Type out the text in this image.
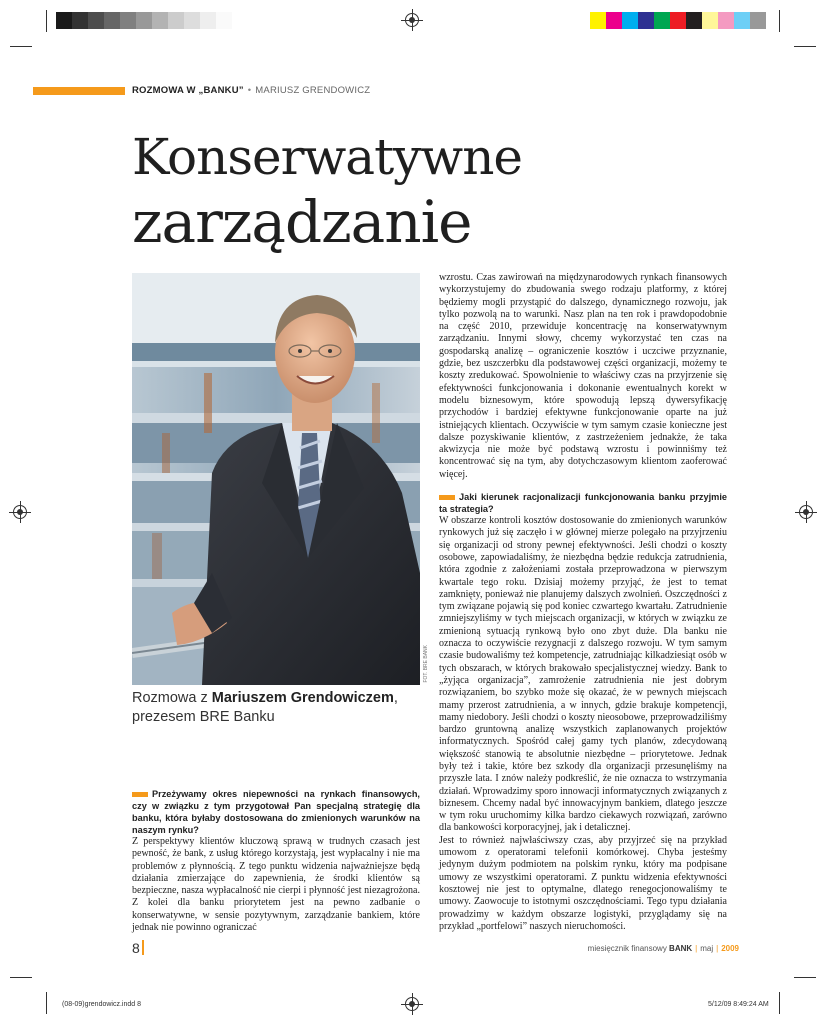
ROZMOWA W „BANKU” • MARIUSZ GRENDOWICZ
Konserwatywne
zarządzanie
FOT. BRE BANK
Rozmowa z Mariuszem Grendowiczem,
prezesem BRE Banku

Przeżywamy okres niepewności na rynkach finansowych, czy w związku z tym przygotował Pan specjalną strategię dla banku, która byłaby dostosowana do zmienionych warunków na naszym rynku?

Z perspektywy klientów kluczową sprawą w trudnych czasach jest pewność, że bank, z usług którego korzystają, jest wypłacalny i nie ma problemów z płynnością. Z tego punktu widzenia najważniejsze będą działania zmierzające do zapewnienia, że środki klientów są bezpieczne, nasza wypłacalność nie cierpi i płynność jest niezagrożona. Z kolei dla banku priorytetem jest na pewno zadbanie o konserwatywne, w sensie pozytywnym, zarządzanie bankiem, które jednak nie powinno ograniczać

wzrostu. Czas zawirowań na międzynarodowych rynkach finansowych wykorzystujemy do zbudowania swego rodzaju platformy, z której będziemy mogli przystąpić do dalszego, dynamicznego rozwoju, jak tylko pozwolą na to warunki. Nasz plan na ten rok i prawdopodobnie na część 2010, przewiduje koncentrację na konserwatywnym zarządzaniu. Innymi słowy, chcemy wykorzystać ten czas na gospodarską analizę – ograniczenie kosztów i uczciwe przyznanie, gdzie, bez uszczerbku dla podstawowej części organizacji, możemy te koszty zredukować. Spowolnienie to właściwy czas na przyjrzenie się efektywności funkcjonowania i dokonanie ewentualnych korekt w modelu biznesowym, które spowodują lepszą dywersyfikację przychodów i bardziej efektywne funkcjonowanie oparte na już istniejących klientach. Oczywiście w tym samym czasie konieczne jest dalsze pozyskiwanie klientów, z zastrzeżeniem jednakże, że taka akwizycja nie może być podstawą wzrostu i powinniśmy też koncentrować się na tym, aby dotychczasowym klientom zaoferować więcej.

Jaki kierunek racjonalizacji funkcjonowania banku przyjmie ta strategia?

W obszarze kontroli kosztów dostosowanie do zmienionych warunków rynkowych już się zaczęło i w głównej mierze polegało na przyjrzeniu się organizacji od strony pewnej efektywności. Jeśli chodzi o koszty osobowe, zapowiadaliśmy, że niezbędna będzie redukcja zatrudnienia, która zgodnie z założeniami została przeprowadzona w pierwszym kwartale tego roku. Dzisiaj możemy przyjąć, że jest to temat zamknięty, ponieważ nie planujemy dalszych zwolnień. Oszczędności z tym związane pojawią się pod koniec czwartego kwartału. Zatrudnienie zmniejszyliśmy w tych miejscach organizacji, w których w związku ze zmienioną sytuacją rynkową było ono zbyt duże. Dla banku nie oznacza to oczywiście rezygnacji z dalszego rozwoju. W tym samym czasie budowaliśmy też kompetencje, zatrudniając kilkadziesiąt osób w tych obszarach, w których brakowało specjalistycznej wiedzy. Bank to „żyjąca organizacja”, zamrożenie zatrudnienia nie jest dobrym rozwiązaniem, bo szybko może się okazać, że w pewnych miejscach mamy przerost zatrudnienia, a w innych, gdzie brakuje kompetencji, mamy niedobory. Jeśli chodzi o koszty nieosobowe, przeprowadziliśmy bardzo gruntowną analizę wszystkich zaplanowanych projektów informatycznych. Spośród całej gamy tych planów, zdecydowaną większość stanowią te absolutnie niezbędne – priorytetowe. Jednak były też i takie, które bez szkody dla organizacji przesunęliśmy na przyszłe lata. I znów należy podkreślić, że nie oznacza to wstrzymania działań. Wprowadzimy sporo innowacji informatycznych związanych z biznesem. Chcemy nadal być innowacyjnym bankiem, dlatego jeszcze w tym roku uruchomimy kilka bardzo ciekawych rozwiązań, zarówno dla bankowości korporacyjnej, jak i detalicznej.

Jest to również najwłaściwszy czas, aby przyjrzeć się na przykład umowom z operatorami telefonii komórkowej. Chyba jesteśmy jedynym dużym podmiotem na polskim rynku, który ma podpisane umowy ze wszystkimi operatorami. Z punktu widzenia efektywności kosztowej nie jest to optymalne, dlatego renegocjonowaliśmy te umowy. Zaowocuje to istotnymi oszczędnościami. Tego typu działania prowadzimy w każdym obszarze logistyki, przyglądamy się na przykład „portfelowi” naszych nieruchomości.

8	miesięcznik finansowy BANK | maj | 2009
(08-09)grendowicz.indd 8	5/12/09 8:49:24 AM
